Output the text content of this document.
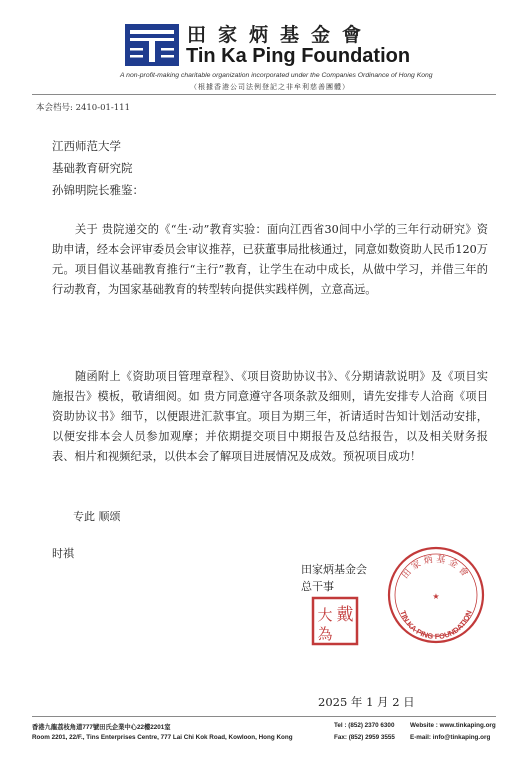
田家炳基金會
Tin Ka Ping Foundation
A non-profit-making charitable organization incorporated under the Companies Ordinance of Hong Kong
（根據香港公司法例登記之非牟利慈善團體）
本会档号: 2410-01-111
江西师范大学
基础教育研究院
孙锦明院长雅鉴：

关于 贵院递交的《“生·动”教育实验：面向江西省30间中小学的三年行动研究》资助申请，经本会评审委员会审议推荐，已获董事局批核通过，同意如数资助人民币120万元。项目倡议基础教育推行“主行”教育，让学生在动中成长，从做中学习，并借三年的行动教育，为国家基础教育的转型转向提供实践样例，立意高远。

随函附上《资助项目管理章程》、《项目资助协议书》、《分期请款说明》及《项目实施报告》模板，敬请细阅。如 贵方同意遵守各项条款及细则，请先安排专人洽商《项目资助协议书》细节，以便跟进汇款事宜。项目为期三年，祈请适时告知计划活动安排，以便安排本会人员参加观摩；并依期提交项目中期报告及总结报告，以及相关财务报表、相片和视频纪录，以供本会了解项目进展情况及成效。预祝项目成功！

专此 顺颂
时祺
田家炳基金会
总干事
戴
大
為
田家炳基金會
TIN KA PING FOUNDATION
★
2025 年 1 月 2 日
香港九龍荔枝角道777號田氏企業中心22樓2201室
Room 2201, 22/F., Tins Enterprises Centre, 777 Lai Chi Kok Road, Kowloon, Hong Kong
Tel : (852) 2370 6300
Fax: (852) 2959 3555
Website : www.tinkaping.org
E-mail: info@tinkaping.org
